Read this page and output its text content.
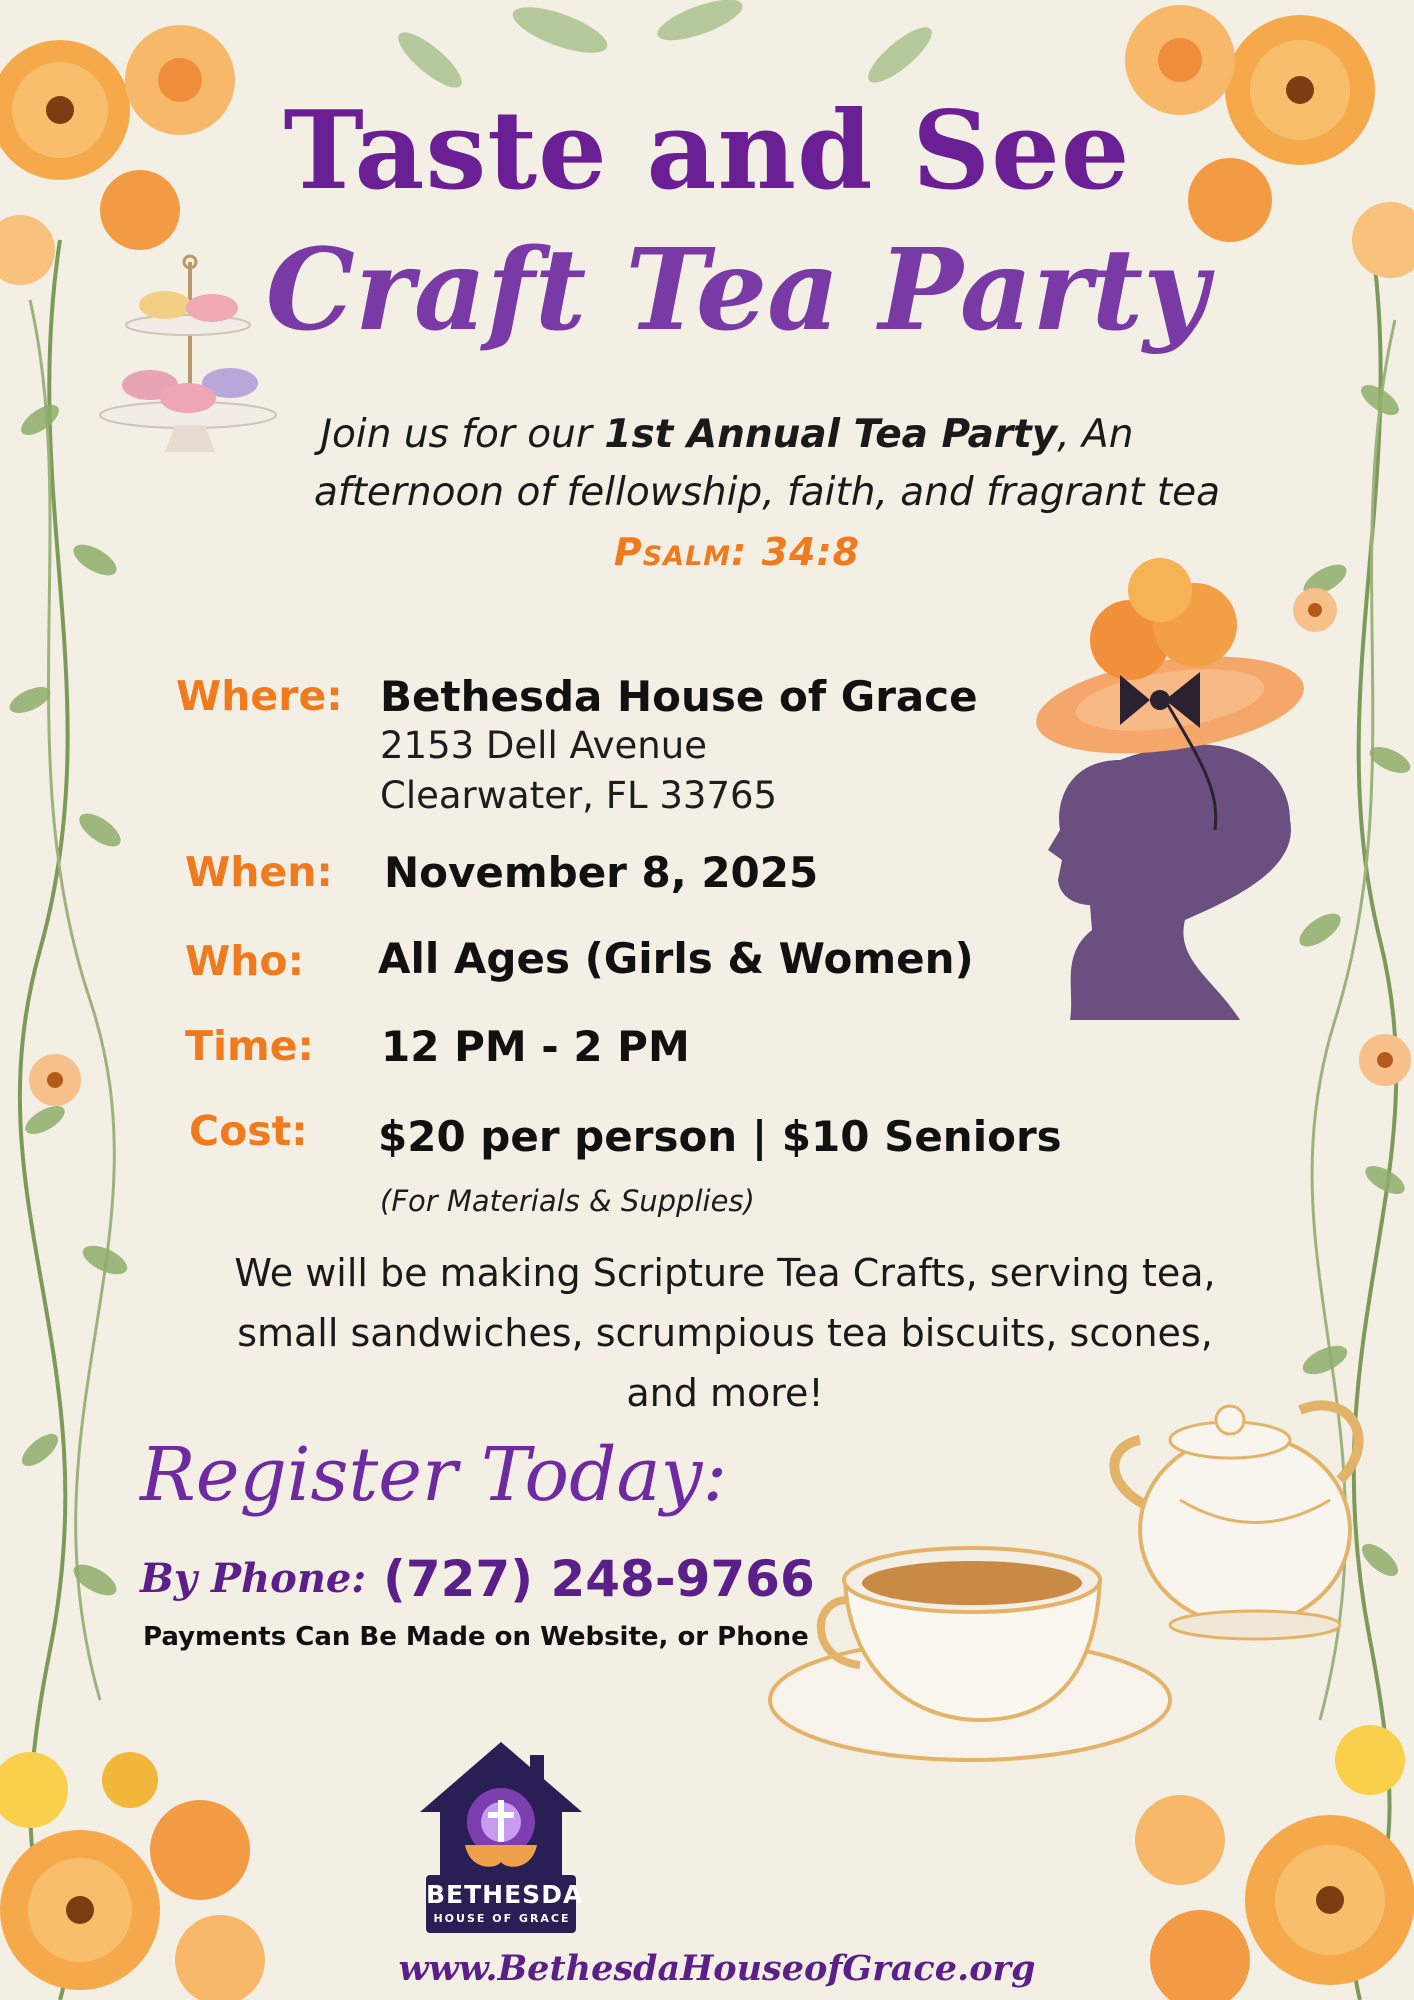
Taste and See
Craft Tea Party

Join us for our 1st Annual Tea Party, An

afternoon of fellowship, faith, and fragrant tea

Psalm: 34:8

Where: Bethesda House of Grace
2153 Dell Avenue
Clearwater, FL 33765
When: November 8, 2025
Who: All Ages (Girls & Women)
Time: 12 PM - 2 PM
Cost: $20 per person | $10 Seniors
(For Materials & Supplies)

We will be making Scripture Tea Crafts, serving tea,

small sandwiches, scrumpious tea biscuits, scones,

and more!

Register Today:
By Phone: (727) 248-9766
Payments Can Be Made on Website, or Phone
BETHESDA
HOUSE OF GRACE
www.BethesdaHouseofGrace.org
